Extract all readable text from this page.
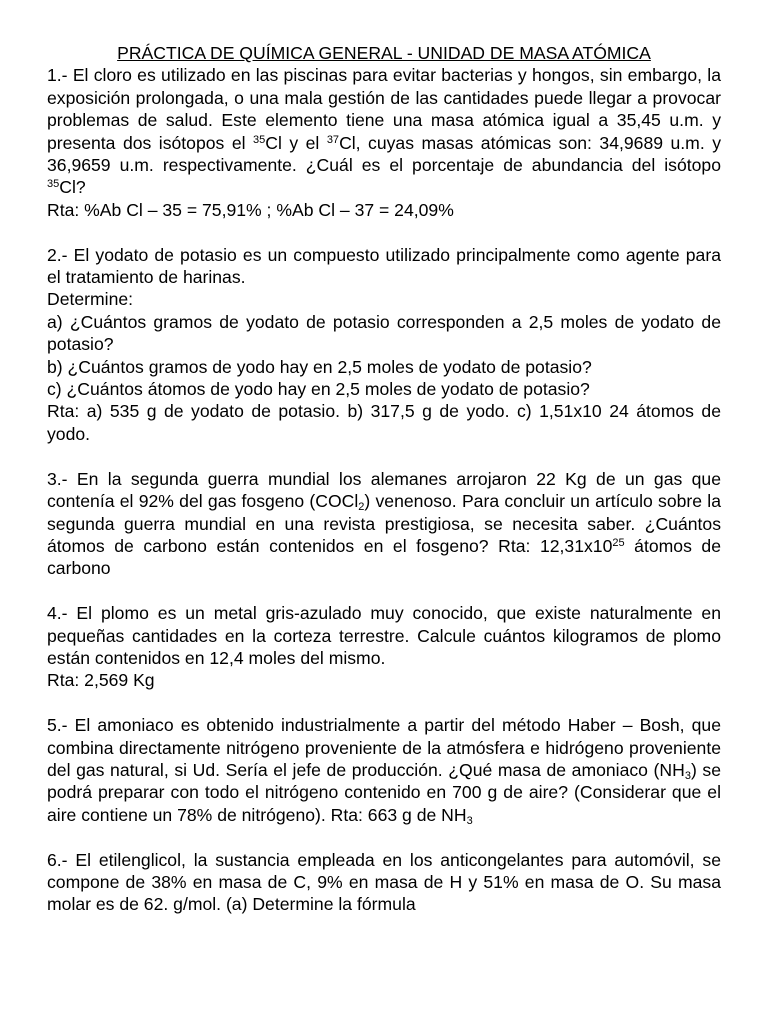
PRÁCTICA DE QUÍMICA GENERAL - UNIDAD DE MASA ATÓMICA

1.- El cloro es utilizado en las piscinas para evitar bacterias y hongos, sin embargo, la exposición prolongada, o una mala gestión de las cantidades puede llegar a provocar problemas de salud. Este elemento tiene una masa atómica igual a 35,45 u.m. y presenta dos isótopos el $^{35}$Cl y el $^{37}$Cl, cuyas masas atómicas son: 34,9689 u.m. y 36,9659 u.m. respectivamente. ¿Cuál es el porcentaje de abundancia del isótopo $^{35}$Cl?

Rta: %Ab Cl – 35 = 75,91% ; %Ab Cl – 37 = 24,09%

2.- El yodato de potasio es un compuesto utilizado principalmente como agente para el tratamiento de harinas.

Determine:

a) ¿Cuántos gramos de yodato de potasio corresponden a 2,5 moles de yodato de potasio?

b) ¿Cuántos gramos de yodo hay en 2,5 moles de yodato de potasio?

c) ¿Cuántos átomos de yodo hay en 2,5 moles de yodato de potasio?

Rta: a) 535 g de yodato de potasio. b) 317,5 g de yodo. c) 1,51x10 24 átomos de yodo.

3.- En la segunda guerra mundial los alemanes arrojaron 22 Kg de un gas que contenía el 92% del gas fosgeno (COCl$_2$) venenoso. Para concluir un artículo sobre la segunda guerra mundial en una revista prestigiosa, se necesita saber. ¿Cuántos átomos de carbono están contenidos en el fosgeno? Rta: $12,31x10^{25}$ átomos de carbono

4.- El plomo es un metal gris-azulado muy conocido, que existe naturalmente en pequeñas cantidades en la corteza terrestre. Calcule cuántos kilogramos de plomo están contenidos en 12,4 moles del mismo.

Rta: 2,569 Kg

5.- El amoniaco es obtenido industrialmente a partir del método Haber – Bosh, que combina directamente nitrógeno proveniente de la atmósfera e hidrógeno proveniente del gas natural, si Ud. Sería el jefe de producción. ¿Qué masa de amoniaco $(NH_3)$ se podrá preparar con todo el nitrógeno contenido en 700 g de aire? (Considerar que el aire contiene un 78% de nitrógeno). Rta: 663 g de $NH_3$

6.- El etilenglicol, la sustancia empleada en los anticongelantes para automóvil, se compone de 38% en masa de C, 9% en masa de H y 51% en masa de O. Su masa molar es de 62. g/mol. (a) Determine la fórmula
